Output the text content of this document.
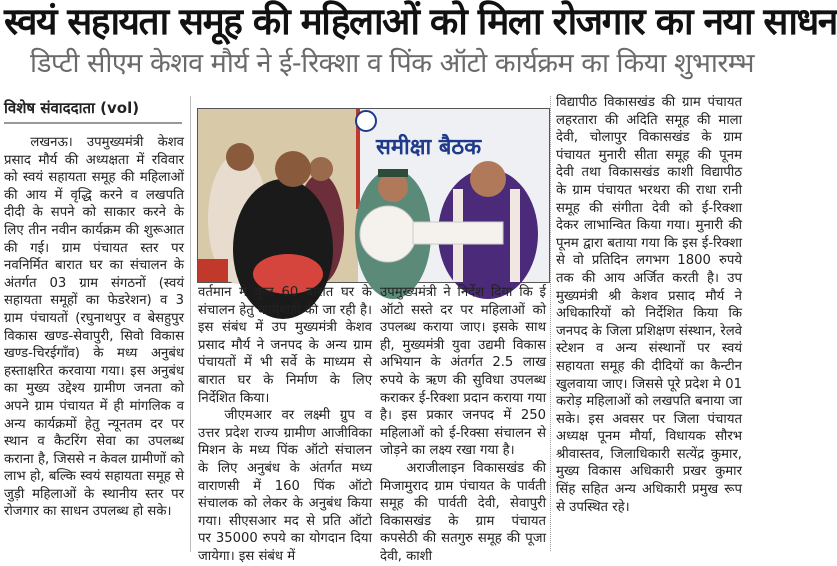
स्वयं सहायता समूह की महिलाओं को मिला रोजगार का नया साधन
डिप्टी सीएम केशव मौर्य ने ई-रिक्शा व पिंक ऑटो कार्यक्रम का किया शुभारम्भ
विशेष संवाददाता (vol)
समीक्षा बैठक

लखनऊ। उपमुख्यमंत्री केशव प्रसाद मौर्य की अध्यक्षता में रविवार को स्वयं सहायता समूह की महिलाओं की आय में वृद्धि करने व लखपति दीदी के सपने को साकार करने के लिए तीन नवीन कार्यक्रम की शुरूआत की गई। ग्राम पंचायत स्तर पर नवनिर्मित बारात घर का संचालन के अंतर्गत 03 ग्राम संगठनों (स्वयं सहायता समूहों का फेडरेशन) व 3 ग्राम पंचायतों (रघुनाथपुर व बेसहुपुर विकास खण्ड-सेवापुरी, सिवो विकास खण्ड-चिरईगाँव) के मध्य अनुबंध हस्ताक्षरित करवाया गया। इस अनुबंध का मुख्य उद्देश्य ग्रामीण जनता को अपने ग्राम पंचायत में ही मांगलिक व अन्य कार्यक्रमों हेतु न्यूनतम दर पर स्थान व कैटरिंग सेवा का उपलब्ध कराना है, जिससे न केवल ग्रामीणों को लाभ हो, बल्कि स्वयं सहायता समूह से जुड़ी महिलाओं के स्थानीय स्तर पर रोजगार का साधन उपलब्ध हो सके।

वर्तमान मे कुल 60 बारात घर के संचालन हेतु कार्यवाही की जा रही है। इस संबंध में उप मुख्यमंत्री केशव प्रसाद मौर्य ने जनपद के अन्य ग्राम पंचायतों में भी सर्वे के माध्यम से बारात घर के निर्माण के लिए निर्देशित किया।

जीएमआर वर लक्ष्मी ग्रुप व उत्तर प्रदेश राज्य ग्रामीण आजीविका मिशन के मध्य पिंक ऑटो संचालन के लिए अनुबंध के अंतर्गत मध्य वाराणसी में 160 पिंक ऑटो संचालक को लेकर के अनुबंध किया गया। सीएसआर मद से प्रति ऑटो पर 35000 रुपये का योगदान दिया जायेगा। इस संबंध में

उपमुख्यमंत्री ने निर्देश दिया कि ई ऑटो सस्ते दर पर महिलाओं को उपलब्ध कराया जाए। इसके साथ ही, मुख्यमंत्री युवा उद्यमी विकास अभियान के अंतर्गत 2.5 लाख रुपये के ऋण की सुविधा उपलब्ध कराकर ई-रिक्शा प्रदान कराया गया है। इस प्रकार जनपद में 250 महिलाओं को ई-रिक्सा संचालन से जोड़ने का लक्ष्य रखा गया है।

अराजीलाइन विकासखंड की मिजामुराद ग्राम पंचायत के पार्वती समूह की पार्वती देवी, सेवापुरी विकासखंड के ग्राम पंचायत कपसेठी की सतगुरु समूह की पूजा देवी, काशी

विद्यापीठ विकासखंड की ग्राम पंचायत लहरतारा की अदिति समूह की माला देवी, चोलापुर विकासखंड के ग्राम पंचायत मुनारी सीता समूह की पूनम देवी तथा विकासखंड काशी विद्यापीठ के ग्राम पंचायत भरथरा की राधा रानी समूह की संगीता देवी को ई-रिक्शा देकर लाभान्वित किया गया। मुनारी की पूनम द्वारा बताया गया कि इस ई-रिक्शा से वो प्रतिदिन लगभग 1800 रुपये तक की आय अर्जित करती है। उप मुख्यमंत्री श्री केशव प्रसाद मौर्य ने अधिकारियों को निर्देशित किया कि जनपद के जिला प्रशिक्षण संस्थान, रेलवे स्टेशन व अन्य संस्थानों पर स्वयं सहायता समूह की दीदियों का कैन्टीन खुलवाया जाए। जिससे पूरे प्रदेश मे 01 करोड़ महिलाओं को लखपति बनाया जा सके। इस अवसर पर जिला पंचायत अध्यक्ष पूनम मौर्या, विधायक सौरभ श्रीवास्तव, जिलाधिकारी सत्येंद्र कुमार, मुख्य विकास अधिकारी प्रखर कुमार सिंह सहित अन्य अधिकारी प्रमुख रूप से उपस्थित रहे।
